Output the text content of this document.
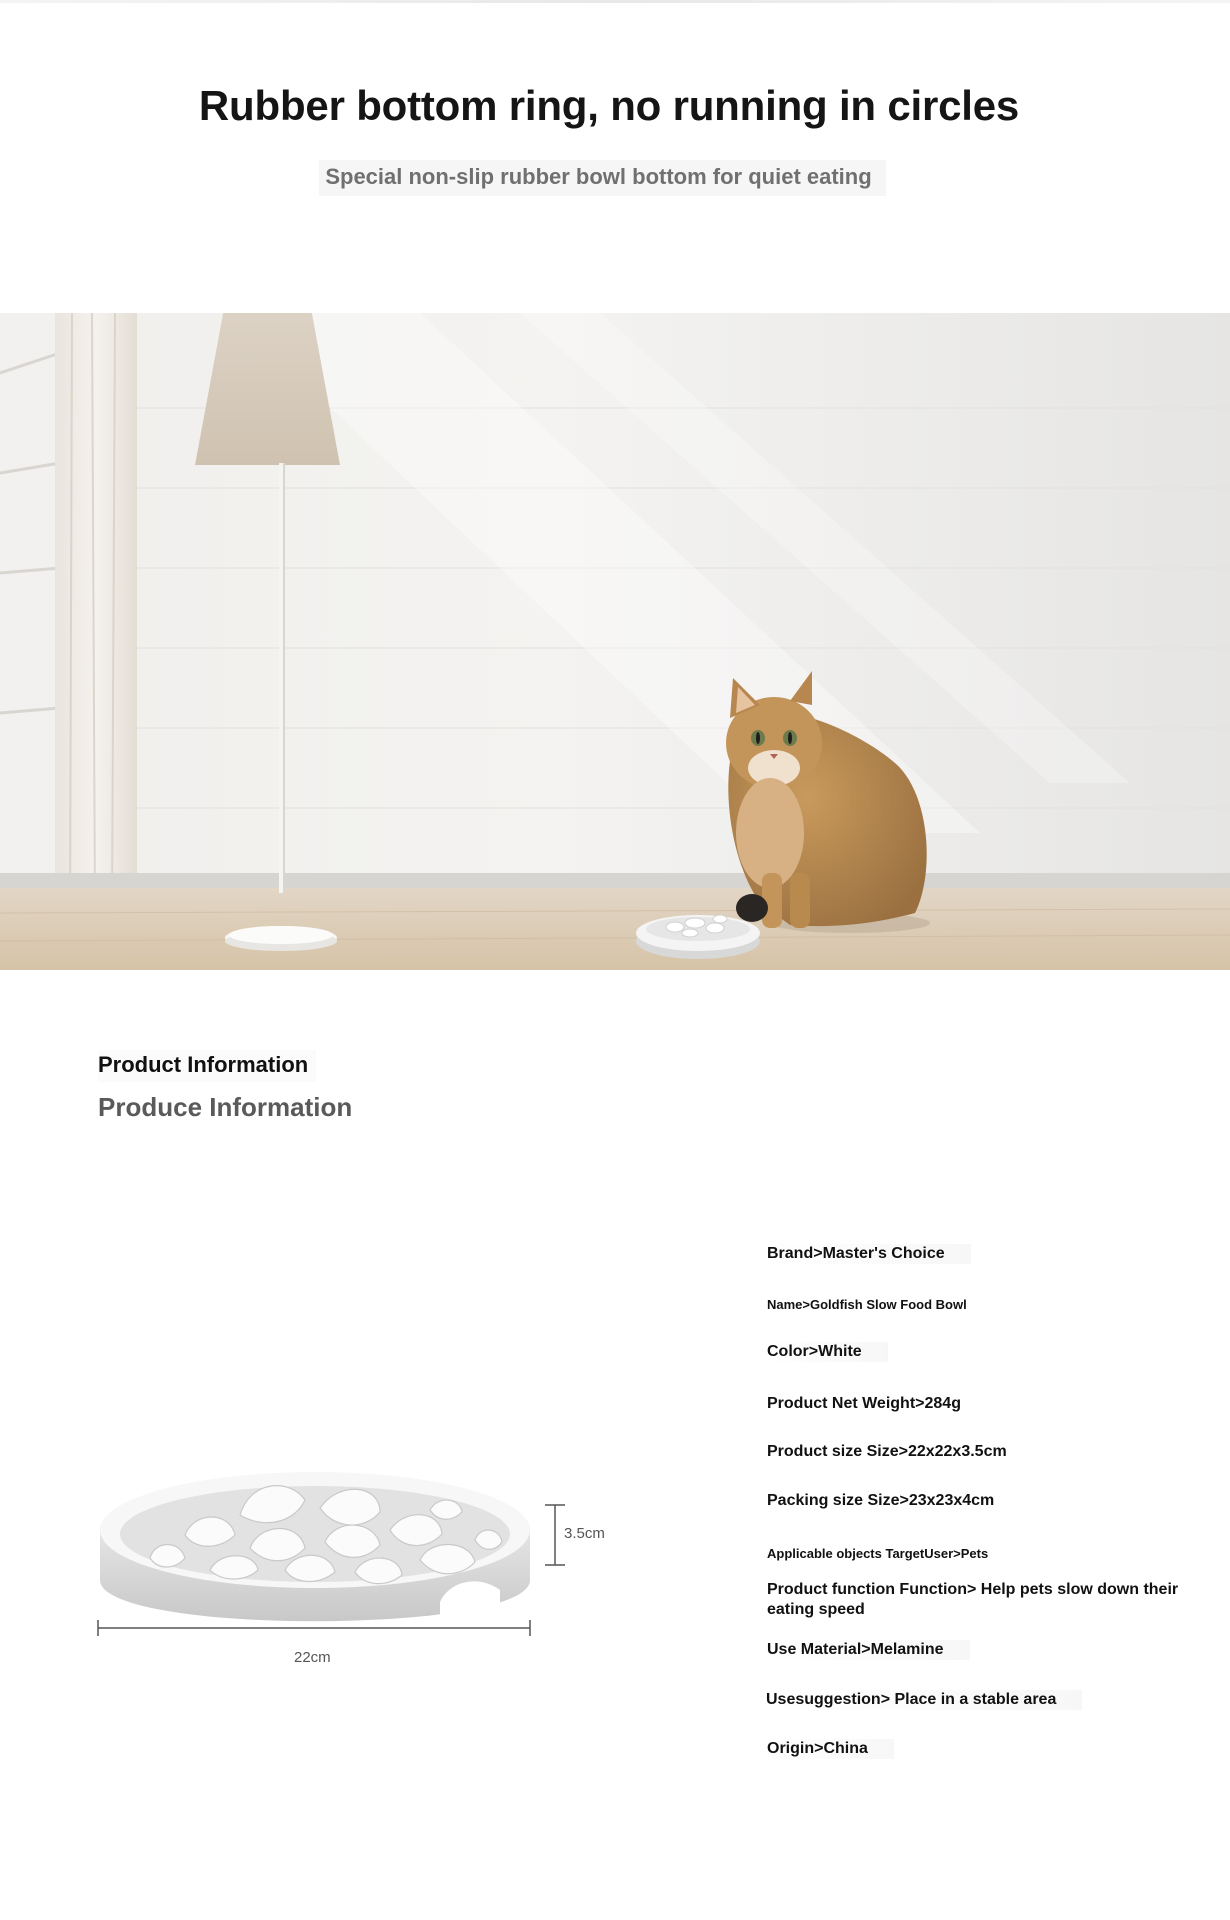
Rubber bottom ring, no running in circles
Special non-slip rubber bowl bottom for quiet eating
Product Information
Produce Information
3.5cm
22cm
Brand>Master's Choice
Name>Goldfish Slow Food Bowl
Color>White
Product Net Weight>284g
Product size Size>22x22x3.5cm
Packing size Size>23x23x4cm
Applicable objects TargetUser>Pets
Product function Function> Help pets slow down their eating speed
Use Material>Melamine
Usesuggestion> Place in a stable area
Origin>China
